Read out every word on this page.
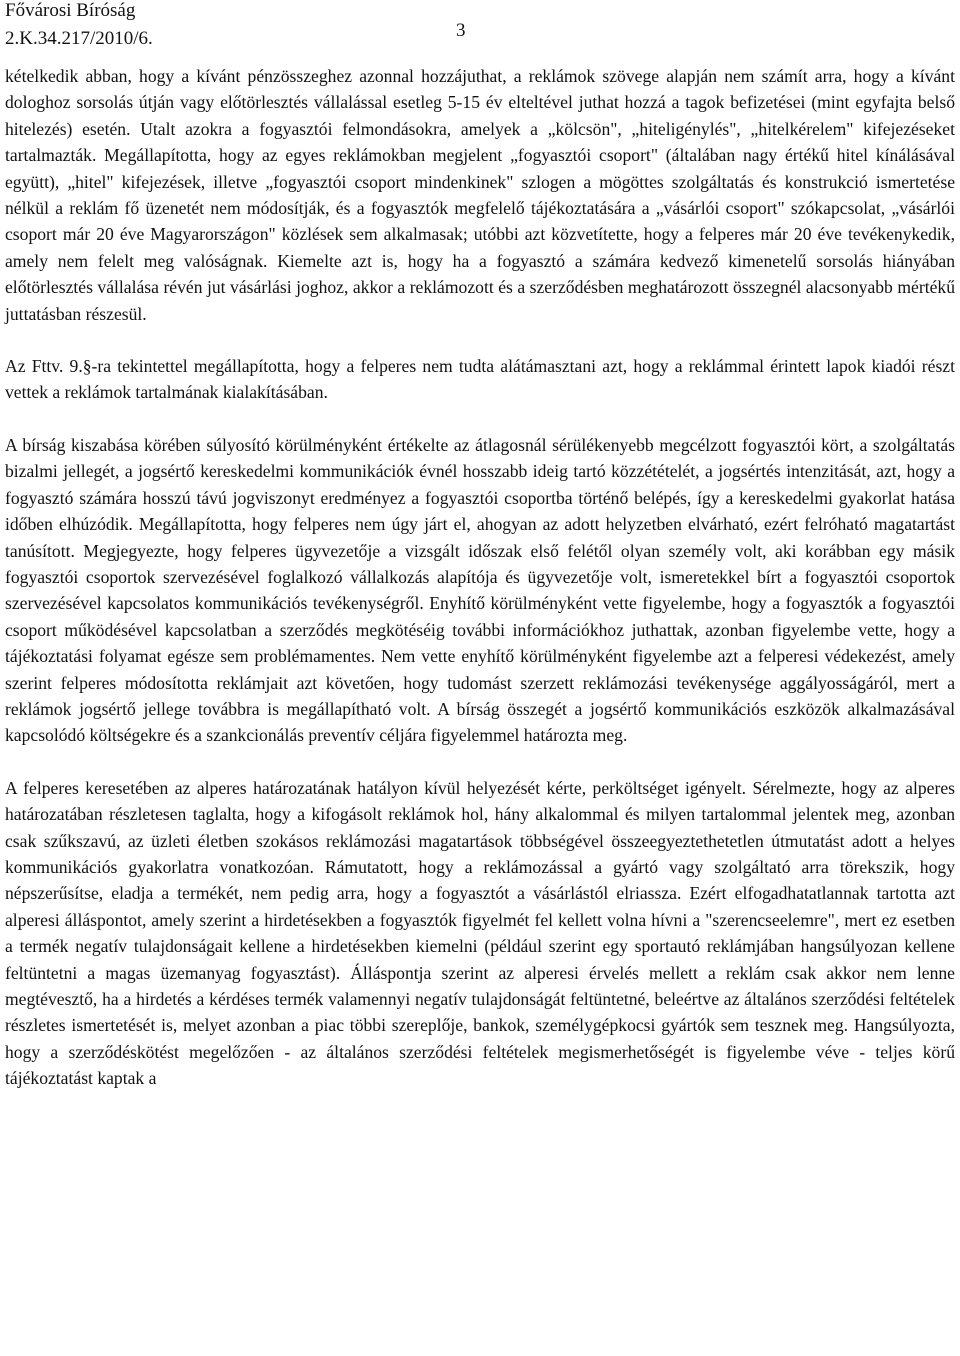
Fővárosi Bíróság
2.K.34.217/2010/6.	3

kételkedik abban, hogy a kívánt pénzösszeghez azonnal hozzájuthat, a reklámok szövege alapján nem számít arra, hogy a kívánt dologhoz sorsolás útján vagy előtörlesztés vállalással esetleg 5-15 év elteltével juthat hozzá a tagok befizetései (mint egyfajta belső hitelezés) esetén. Utalt azokra a fogyasztói felmondásokra, amelyek a „kölcsön", „hiteligénylés", „hitelkérelem" kifejezéseket tartalmazták. Megállapította, hogy az egyes reklámokban megjelent „fogyasztói csoport" (általában nagy értékű hitel kínálásával együtt), „hitel" kifejezések, illetve „fogyasztói csoport mindenkinek" szlogen a mögöttes szolgáltatás és konstrukció ismertetése nélkül a reklám fő üzenetét nem módosítják, és a fogyasztók megfelelő tájékoztatására a „vásárlói csoport" szókapcsolat, „vásárlói csoport már 20 éve Magyarországon" közlések sem alkalmasak; utóbbi azt közvetítette, hogy a felperes már 20 éve tevékenykedik, amely nem felelt meg valóságnak. Kiemelte azt is, hogy ha a fogyasztó a számára kedvező kimenetelű sorsolás hiányában előtörlesztés vállalása révén jut vásárlási joghoz, akkor a reklámozott és a szerződésben meghatározott összegnél alacsonyabb mértékű juttatásban részesül.

Az Fttv. 9.§-ra tekintettel megállapította, hogy a felperes nem tudta alátámasztani azt, hogy a reklámmal érintett lapok kiadói részt vettek a reklámok tartalmának kialakításában.

A bírság kiszabása körében súlyosító körülményként értékelte az átlagosnál sérülékenyebb megcélzott fogyasztói kört, a szolgáltatás bizalmi jellegét, a jogsértő kereskedelmi kommunikációk évnél hosszabb ideig tartó közzétételét, a jogsértés intenzitását, azt, hogy a fogyasztó számára hosszú távú jogviszonyt eredményez a fogyasztói csoportba történő belépés, így a kereskedelmi gyakorlat hatása időben elhúzódik. Megállapította, hogy felperes nem úgy járt el, ahogyan az adott helyzetben elvárható, ezért felróható magatartást tanúsított. Megjegyezte, hogy felperes ügyvezetője a vizsgált időszak első felétől olyan személy volt, aki korábban egy másik fogyasztói csoportok szervezésével foglalkozó vállalkozás alapítója és ügyvezetője volt, ismeretekkel bírt a fogyasztói csoportok szervezésével kapcsolatos kommunikációs tevékenységről. Enyhítő körülményként vette figyelembe, hogy a fogyasztók a fogyasztói csoport működésével kapcsolatban a szerződés megkötéséig további információkhoz juthattak, azonban figyelembe vette, hogy a tájékoztatási folyamat egésze sem problémamentes. Nem vette enyhítő körülményként figyelembe azt a felperesi védekezést, amely szerint felperes módosította reklámjait azt követően, hogy tudomást szerzett reklámozási tevékenysége aggályosságáról, mert a reklámok jogsértő jellege továbbra is megállapítható volt. A bírság összegét a jogsértő kommunikációs eszközök alkalmazásával kapcsolódó költségekre és a szankcionálás preventív céljára figyelemmel határozta meg.

A felperes keresetében az alperes határozatának hatályon kívül helyezését kérte, perköltséget igényelt. Sérelmezte, hogy az alperes határozatában részletesen taglalta, hogy a kifogásolt reklámok hol, hány alkalommal és milyen tartalommal jelentek meg, azonban csak szűkszavú, az üzleti életben szokásos reklámozási magatartások többségével összeegyeztethetetlen útmutatást adott a helyes kommunikációs gyakorlatra vonatkozóan. Rámutatott, hogy a reklámozással a gyártó vagy szolgáltató arra törekszik, hogy népszerűsítse, eladja a termékét, nem pedig arra, hogy a fogyasztót a vásárlástól elriassza. Ezért elfogadhatatlannak tartotta azt alperesi álláspontot, amely szerint a hirdetésekben a fogyasztók figyelmét fel kellett volna hívni a "szerencseelemre", mert ez esetben a termék negatív tulajdonságait kellene a hirdetésekben kiemelni (például szerint egy sportautó reklámjában hangsúlyozan kellene feltüntetni a magas üzemanyag fogyasztást). Álláspontja szerint az alperesi érvelés mellett a reklám csak akkor nem lenne megtévesztő, ha a hirdetés a kérdéses termék valamennyi negatív tulajdonságát feltüntetné, beleértve az általános szerződési feltételek részletes ismertetését is, melyet azonban a piac többi szereplője, bankok, személygépkocsi gyártók sem tesznek meg. Hangsúlyozta, hogy a szerződéskötést megelőzően - az általános szerződési feltételek megismerhetőségét is figyelembe véve - teljes körű tájékoztatást kaptak a
